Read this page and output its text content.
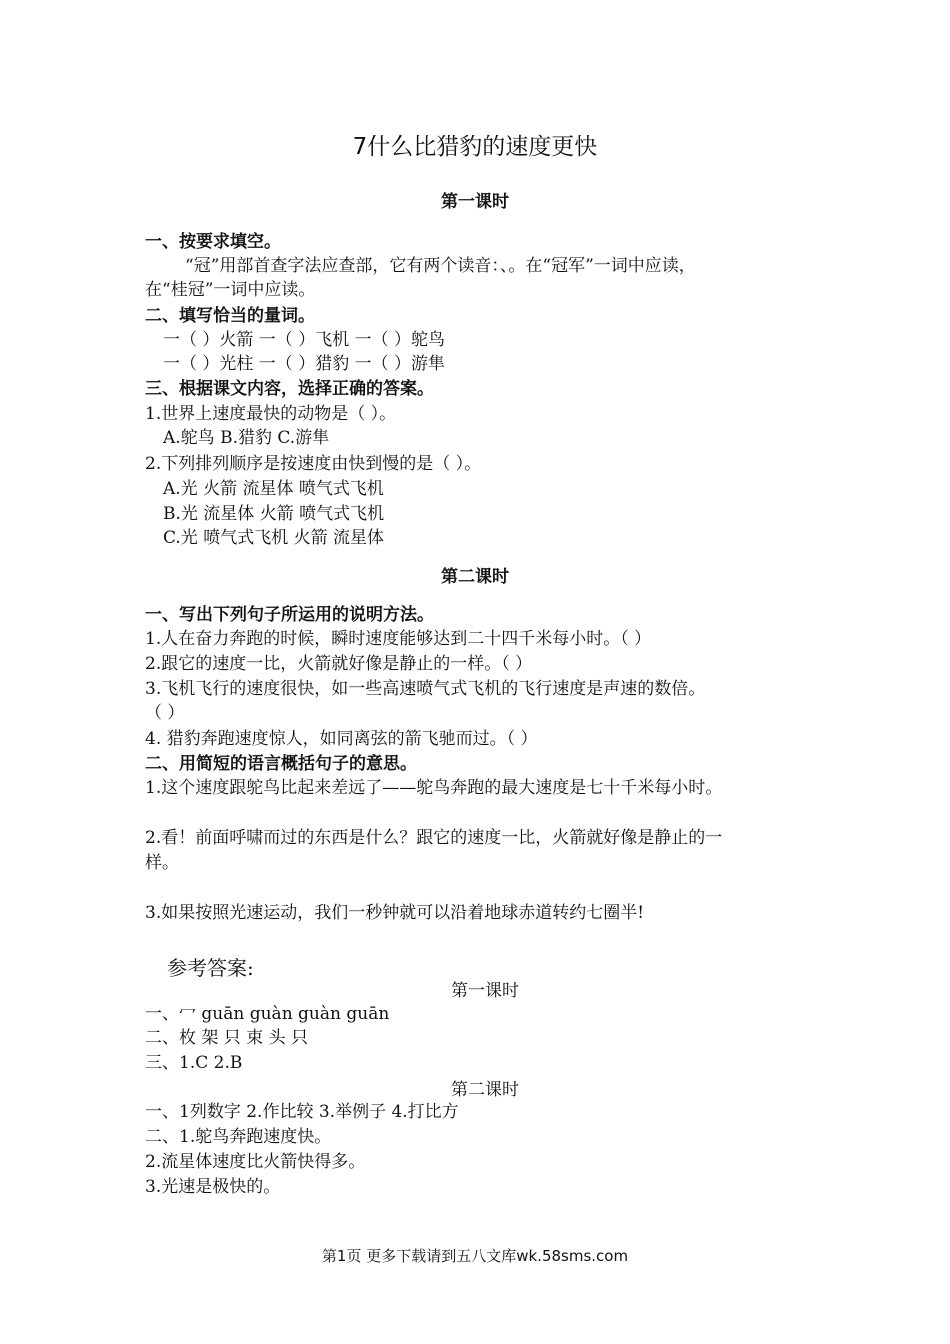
7什么比猎豹的速度更快
第一课时
一、按要求填空。
“冠”用部首查字法应查部，它有两个读音：、。在“冠军”一词中应读，
在“桂冠”一词中应读。
二、填写恰当的量词。
一（ ）火箭 一（ ）飞机 一（ ）鸵鸟
一（ ）光柱 一（ ）猎豹 一（ ）游隼
三、根据课文内容，选择正确的答案。
1.世界上速度最快的动物是（ ）。
A.鸵鸟 B.猎豹 C.游隼
2.下列排列顺序是按速度由快到慢的是（ ）。
A.光 火箭 流星体 喷气式飞机
B.光 流星体 火箭 喷气式飞机
C.光 喷气式飞机 火箭 流星体
第二课时
一、写出下列句子所运用的说明方法。
1.人在奋力奔跑的时候，瞬时速度能够达到二十四千米每小时。（ ）
2.跟它的速度一比，火箭就好像是静止的一样。（ ）
3.飞机飞行的速度很快，如一些高速喷气式飞机的飞行速度是声速的数倍。
（ ）
4. 猎豹奔跑速度惊人，如同离弦的箭飞驰而过。（ ）
二、用简短的语言概括句子的意思。
1.这个速度跟鸵鸟比起来差远了——鸵鸟奔跑的最大速度是七十千米每小时。
2.看！前面呼啸而过的东西是什么？跟它的速度一比，火箭就好像是静止的一
样。
3.如果按照光速运动，我们一秒钟就可以沿着地球赤道转约七圈半!
参考答案:
第一课时
一、冖 guān guàn guàn guān
二、枚 架 只 束 头 只
三、1.C 2.B
第二课时
一、1列数字 2.作比较 3.举例子 4.打比方
二、1.鸵鸟奔跑速度快。
2.流星体速度比火箭快得多。
3.光速是极快的。
第1页 更多下载请到五八文库wk.58sms.com
